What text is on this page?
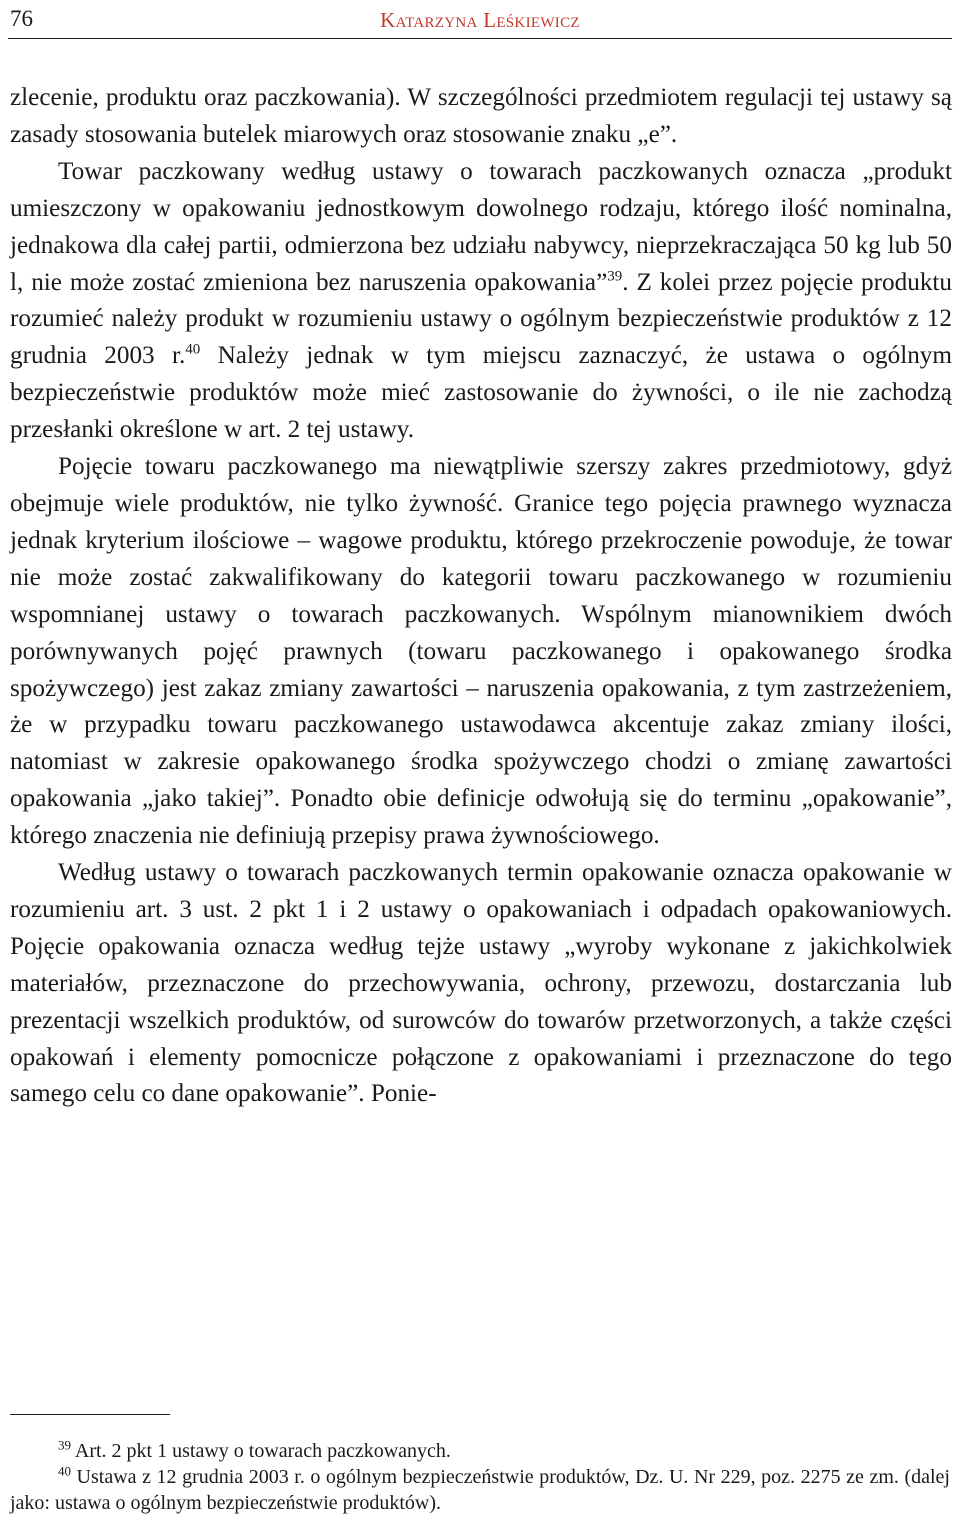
76	Katarzyna Leśkiewicz

zlecenie, produktu oraz paczkowania). W szczególności przedmiotem regulacji tej ustawy są zasady stosowania butelek miarowych oraz stosowanie znaku „e”.

Towar paczkowany według ustawy o towarach paczkowanych oznacza „produkt umieszczony w opakowaniu jednostkowym dowolnego rodzaju, którego ilość nominalna, jednakowa dla całej partii, odmierzona bez udziału nabywcy, nieprzekraczająca 50 kg lub 50 l, nie może zostać zmieniona bez naruszenia opakowania”$^{39}$. Z kolei przez pojęcie produktu rozumieć należy produkt w rozumieniu ustawy o ogólnym bezpieczeństwie produktów z 12 grudnia 2003 r.$^{40}$ Należy jednak w tym miejscu zaznaczyć, że ustawa o ogólnym bezpieczeństwie produktów może mieć zastosowanie do żywności, o ile nie zachodzą przesłanki określone w art. 2 tej ustawy.

Pojęcie towaru paczkowanego ma niewątpliwie szerszy zakres przedmiotowy, gdyż obejmuje wiele produktów, nie tylko żywność. Granice tego pojęcia prawnego wyznacza jednak kryterium ilościowe – wagowe produktu, którego przekroczenie powoduje, że towar nie może zostać zakwalifikowany do kategorii towaru paczkowanego w rozumieniu wspomnianej ustawy o towarach paczkowanych. Wspólnym mianownikiem dwóch porównywanych pojęć prawnych (towaru paczkowanego i opakowanego środka spożywczego) jest zakaz zmiany zawartości – naruszenia opakowania, z tym zastrzeżeniem, że w przypadku towaru paczkowanego ustawodawca akcentuje zakaz zmiany ilości, natomiast w zakresie opakowanego środka spożywczego chodzi o zmianę zawartości opakowania „jako takiej”. Ponadto obie definicje odwołują się do terminu „opakowanie”, którego znaczenia nie definiują przepisy prawa żywnościowego.

Według ustawy o towarach paczkowanych termin opakowanie oznacza opakowanie w rozumieniu art. 3 ust. 2 pkt 1 i 2 ustawy o opakowaniach i odpadach opakowaniowych. Pojęcie opakowania oznacza według tejże ustawy „wyroby wykonane z jakichkolwiek materiałów, przeznaczone do przechowywania, ochrony, przewozu, dostarczania lub prezentacji wszelkich produktów, od surowców do towarów przetworzonych, a także części opakowań i elementy pomocnicze połączone z opakowaniami i przeznaczone do tego samego celu co dane opakowanie”. Ponie-

$^{39}$ Art. 2 pkt 1 ustawy o towarach paczkowanych.

$^{40}$ Ustawa z 12 grudnia 2003 r. o ogólnym bezpieczeństwie produktów, Dz. U. Nr 229, poz. 2275 ze zm. (dalej jako: ustawa o ogólnym bezpieczeństwie produktów).
